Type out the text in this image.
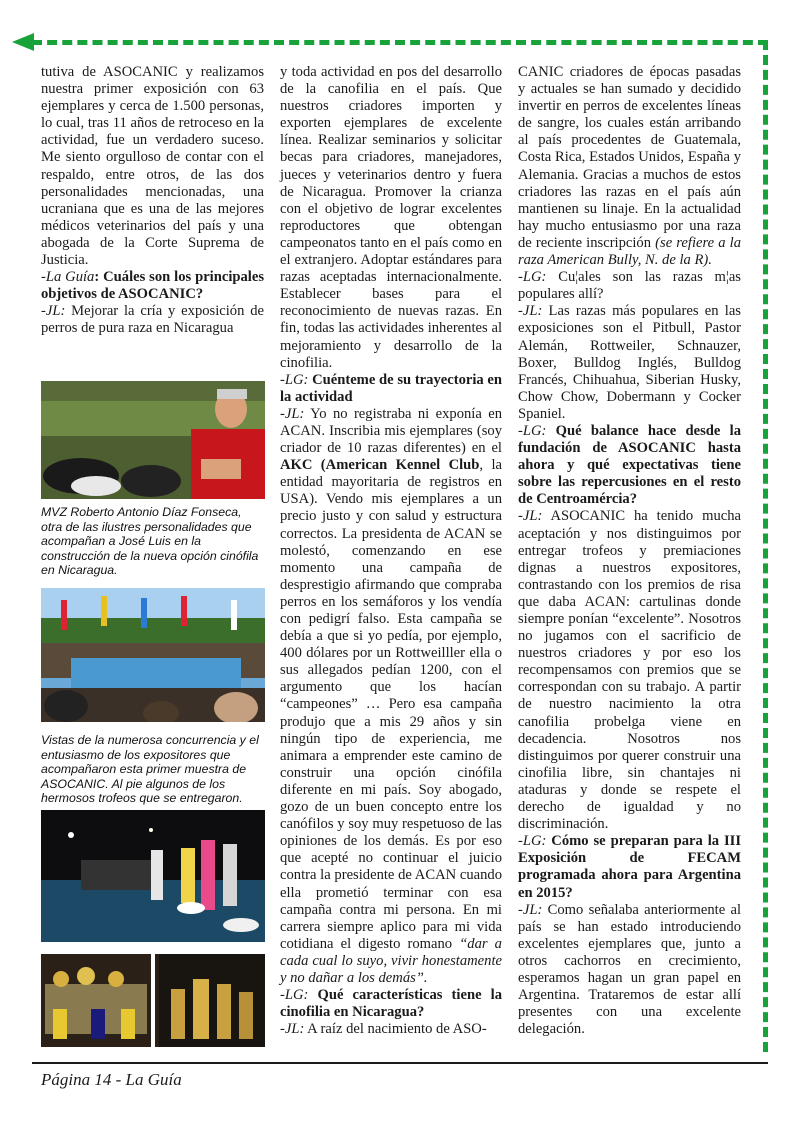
tutiva de ASOCANIC y realizamos nuestra primer exposición con 63 ejemplares y cerca de 1.500 personas, lo cual, tras 11 años de retroceso en la actividad, fue un verdadero suceso. Me siento orgulloso de contar con el respaldo, entre otros, de las dos personalidades mencionadas, una ucraniana que es una de las mejores médicos veterinarios del país y una abogada de la Corte Suprema de Justicia.

-La Guía: Cuáles son los principales objetivos de ASOCANIC?

-JL: Mejorar la cría y exposición de perros de pura raza en Nicaragua

MVZ Roberto Antonio Díaz Fonseca, otra de las ilustres personalidades que acompañan a José Luis en la construcción de la nueva opción cinófila en Nicaragua.
Vistas de la numerosa concurrencia y el entusiasmo de los expositores que acompañaron esta primer muestra de ASOCANIC. Al pie algunos de los hermosos trofeos que se entregaron.

y toda actividad en pos del desarrollo de la canofilia en el país. Que nuestros criadores importen y exporten ejemplares de excelente línea. Realizar seminarios y solicitar becas para criadores, manejadores, jueces y veterinarios dentro y fuera de Nicaragua. Promover la crianza con el objetivo de lograr excelentes reproductores que obtengan campeonatos tanto en el país como en el extranjero. Adoptar estándares para razas aceptadas internacionalmente. Establecer bases para el reconocimiento de nuevas razas. En fin, todas las actividades inherentes al mejoramiento y desarrollo de la cinofilia.

-LG: Cuénteme de su trayectoria en la actividad

-JL: Yo no registraba ni exponía en ACAN. Inscribia mis ejemplares (soy criador de 10 razas diferentes) en el AKC (American Kennel Club, la entidad mayoritaria de registros en USA). Vendo mis ejemplares a un precio justo y con salud y estructura correctos. La presidenta de ACAN se molestó, comenzando en ese momento una campaña de desprestigio afirmando que compraba perros en los semáforos y los vendía con pedigrí falso. Esta campaña se debía a que si yo pedía, por ejemplo, 400 dólares por un Rottweilller ella o sus allegados pedían 1200, con el argumento que los hacían “campeones” … Pero esa campaña produjo que a mis 29 años y sin ningún tipo de experiencia, me animara a emprender este camino de construir una opción cinófila diferente en mi país. Soy abogado, gozo de un buen concepto entre los canófilos y soy muy respetuoso de las opiniones de los demás. Es por eso que acepté no continuar el juicio contra la presidente de ACAN cuando ella prometió terminar con esa campaña contra mi persona. En mi carrera siempre aplico para mi vida cotidiana el digesto romano “dar a cada cual lo suyo, vivir honestamente y no dañar a los demás”.

-LG: Qué características tiene la cinofilia en Nicaragua?

-JL: A raíz del nacimiento de ASO-

CANIC criadores de épocas pasadas y actuales se han sumado y decidido invertir en perros de excelentes líneas de sangre, los cuales están arribando al país procedentes de Guatemala, Costa Rica, Estados Unidos, España y Alemania. Gracias a muchos de estos criadores las razas en el país aún mantienen su linaje. En la actualidad hay mucho entusiasmo por una raza de reciente inscripción (se refiere a la raza American Bully, N. de la R).

-LG: Cu¦ales son las razas m¦as populares allí?

-JL: Las razas más populares en las exposiciones son el Pitbull, Pastor Alemán, Rottweiler, Schnauzer, Boxer, Bulldog Inglés, Bulldog Francés, Chihuahua, Siberian Husky, Chow Chow, Dobermann y Cocker Spaniel.

-LG: Qué balance hace desde la fundación de ASOCANIC hasta ahora y qué expectativas tiene sobre las repercusiones en el resto de Centroamércia?

-JL: ASOCANIC ha tenido mucha aceptación y nos distinguimos por entregar trofeos y premiaciones dignas a nuestros expositores, contrastando con los premios de risa que daba ACAN: cartulinas donde siempre ponían “excelente”. Nosotros no jugamos con el sacrificio de nuestros criadores y por eso los recompensamos con premios que se correspondan con su trabajo. A partir de nuestro nacimiento la otra canofilia probelga viene en decadencia. Nosotros nos distinguimos por querer construir una cinofilia libre, sin chantajes ni ataduras y donde se respete el derecho de igualdad y no discriminación.

-LG: Cómo se preparan para la III Exposición de FECAM programada ahora para Argentina en 2015?

-JL: Como señalaba anteriormente al país se han estado introduciendo excelentes ejemplares que, junto a otros cachorros en crecimiento, esperamos hagan un gran papel en Argentina. Trataremos de estar allí presentes con una excelente delegación.

Página 14 - La Guía
